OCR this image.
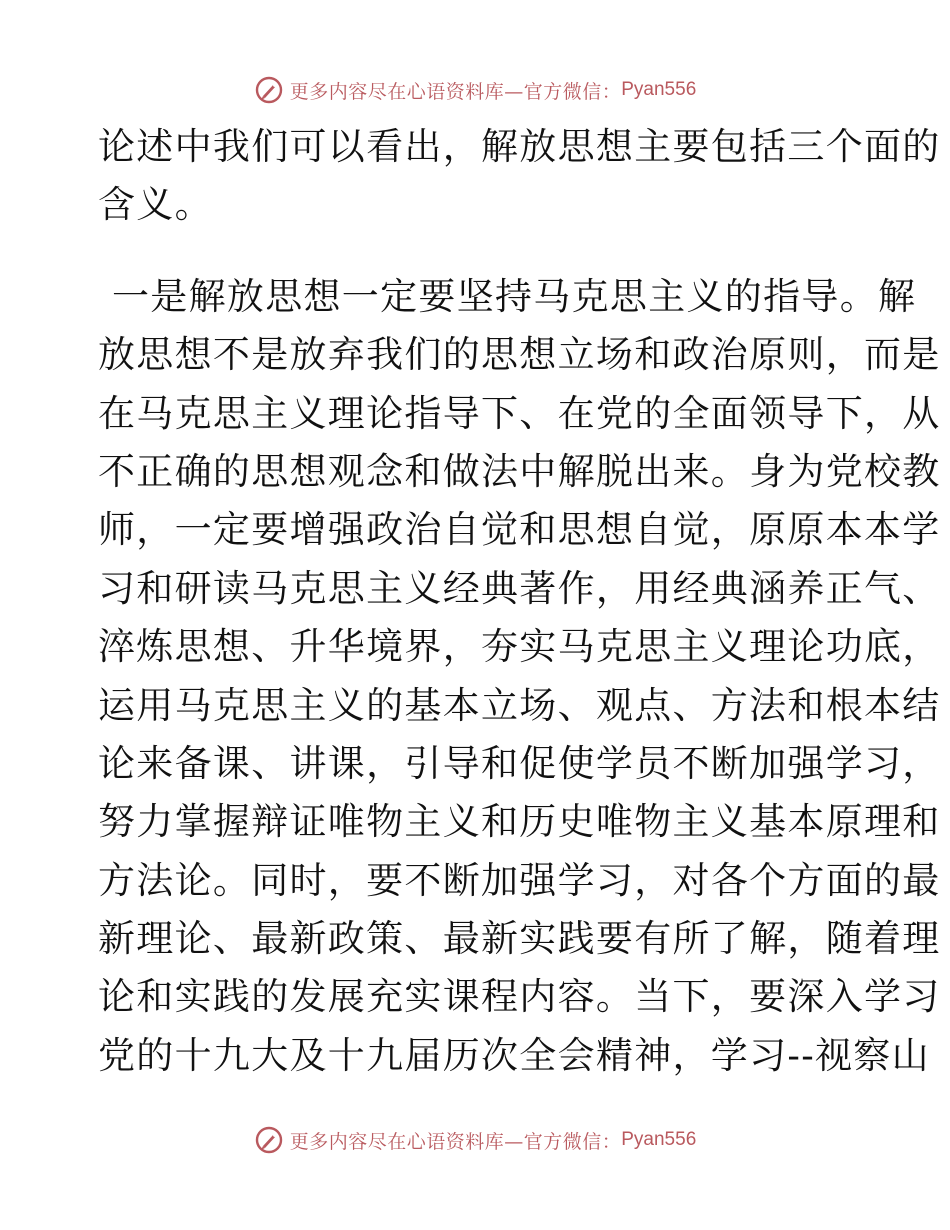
更多内容尽在心语资料库—官方微信： Pyan556
论述中我们可以看出，解放思想主要包括三个面的
含义。
一是解放思想一定要坚持马克思主义的指导。解
放思想不是放弃我们的思想立场和政治原则，而是
在马克思主义理论指导下、在党的全面领导下，从
不正确的思想观念和做法中解脱出来。身为党校教
师，一定要增强政治自觉和思想自觉，原原本本学
习和研读马克思主义经典著作，用经典涵养正气、
淬炼思想、升华境界，夯实马克思主义理论功底，
运用马克思主义的基本立场、观点、方法和根本结
论来备课、讲课，引导和促使学员不断加强学习，
努力掌握辩证唯物主义和历史唯物主义基本原理和
方法论。同时，要不断加强学习，对各个方面的最
新理论、最新政策、最新实践要有所了解，随着理
论和实践的发展充实课程内容。当下，要深入学习
党的十九大及十九届历次全会精神，学习--视察山
更多内容尽在心语资料库—官方微信： Pyan556
